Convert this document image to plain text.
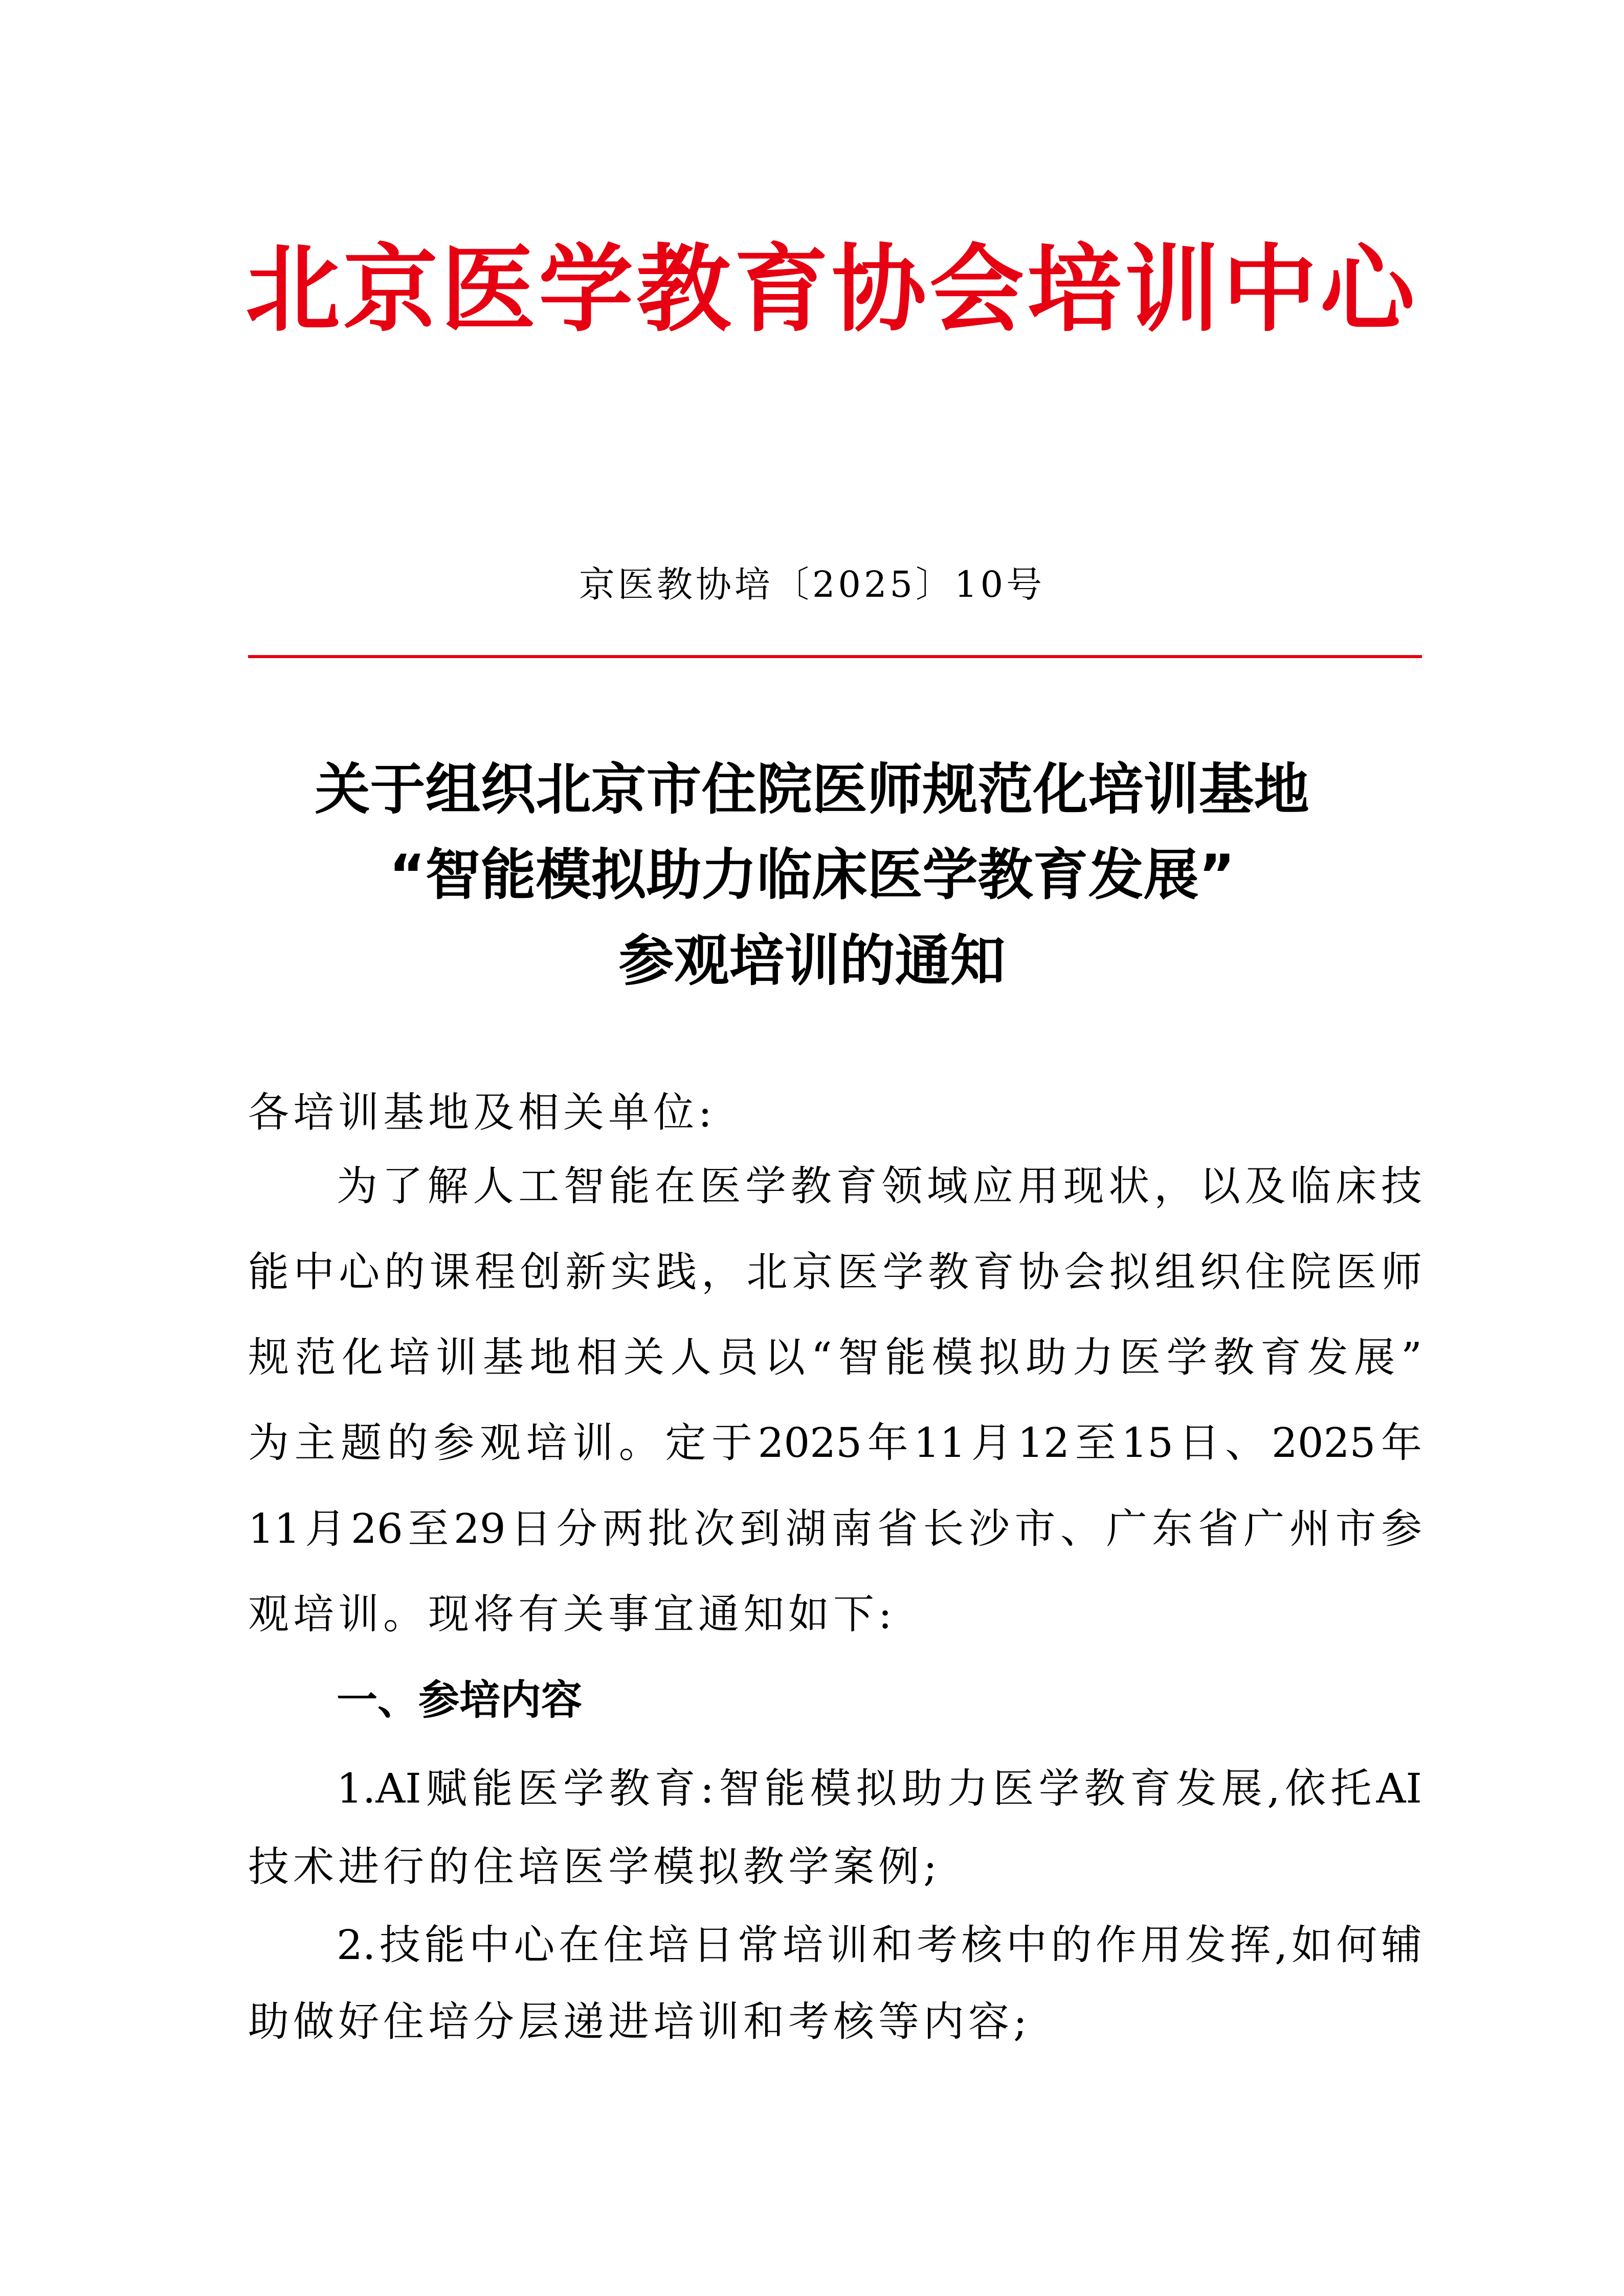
北京医学教育协会培训中心
京医教协培〔2025〕10号
关于组织北京市住院医师规范化培训基地
“智能模拟助力临床医学教育发展”
参观培训的通知
各培训基地及相关单位:
为了解人工智能在医学教育领域应用现状，以及临床技
能中心的课程创新实践，北京医学教育协会拟组织住院医师
规范化培训基地相关人员以“智能模拟助力医学教育发展”
为主题的参观培训。定于2025年11月12至15日、2025年
11月26至29日分两批次到湖南省长沙市、广东省广州市参
观培训。现将有关事宜通知如下:
一、参培内容
1.AI赋能医学教育:智能模拟助力医学教育发展,依托AI
技术进行的住培医学模拟教学案例;
2.技能中心在住培日常培训和考核中的作用发挥,如何辅
助做好住培分层递进培训和考核等内容;
